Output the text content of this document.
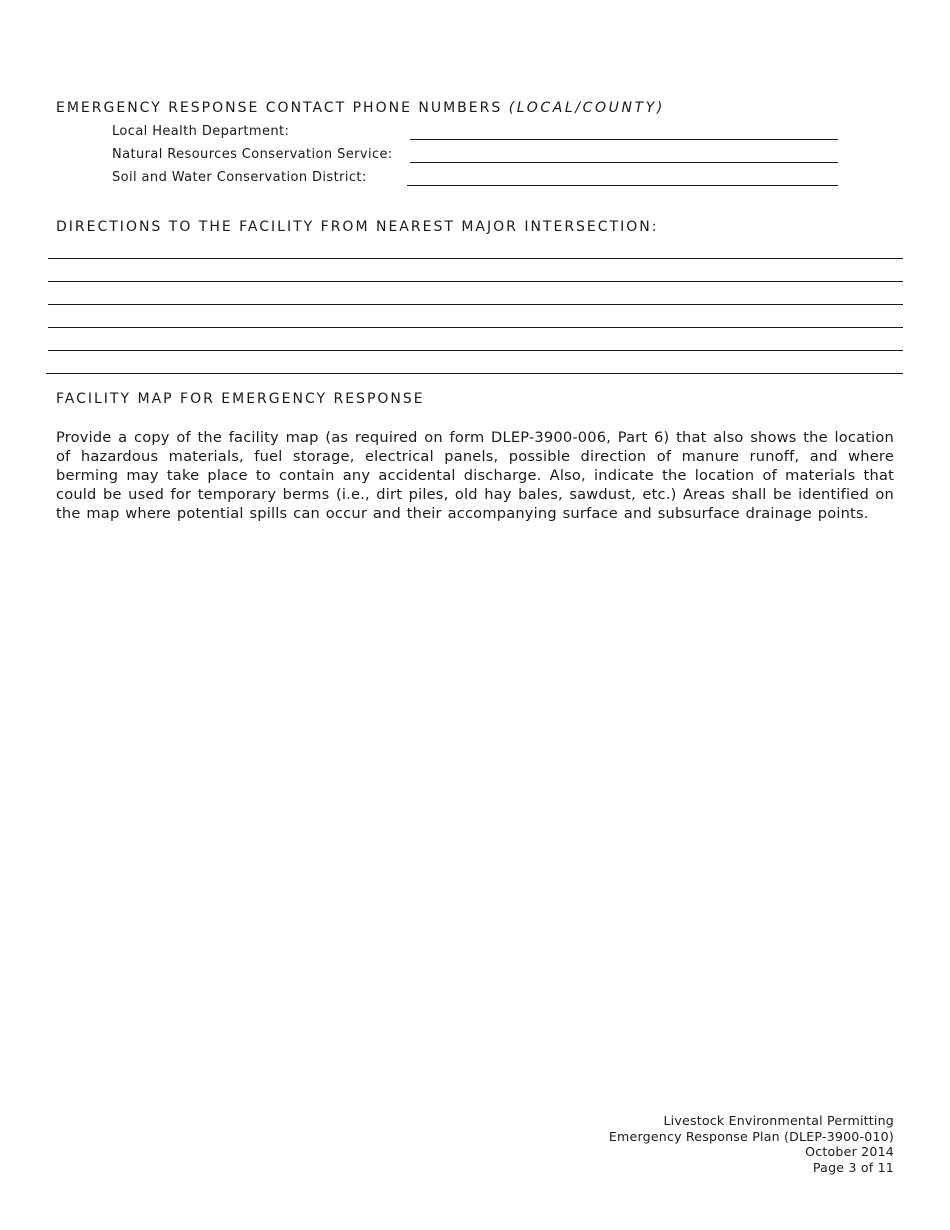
EMERGENCY RESPONSE CONTACT PHONE NUMBERS (LOCAL/COUNTY)
Local Health Department:
Natural Resources Conservation Service:
Soil and Water Conservation District:
DIRECTIONS TO THE FACILITY FROM NEAREST MAJOR INTERSECTION:
FACILITY MAP FOR EMERGENCY RESPONSE

Provide a copy of the facility map (as required on form DLEP-3900-006, Part 6) that also shows the location of hazardous materials, fuel storage, electrical panels, possible direction of manure runoff, and where berming may take place to contain any accidental discharge. Also, indicate the location of materials that could be used for temporary berms (i.e., dirt piles, old hay bales, sawdust, etc.) Areas shall be identified on the map where potential spills can occur and their accompanying surface and subsurface drainage points.

Livestock Environmental Permitting
Emergency Response Plan (DLEP-3900-010)
October 2014
Page 3 of 11
